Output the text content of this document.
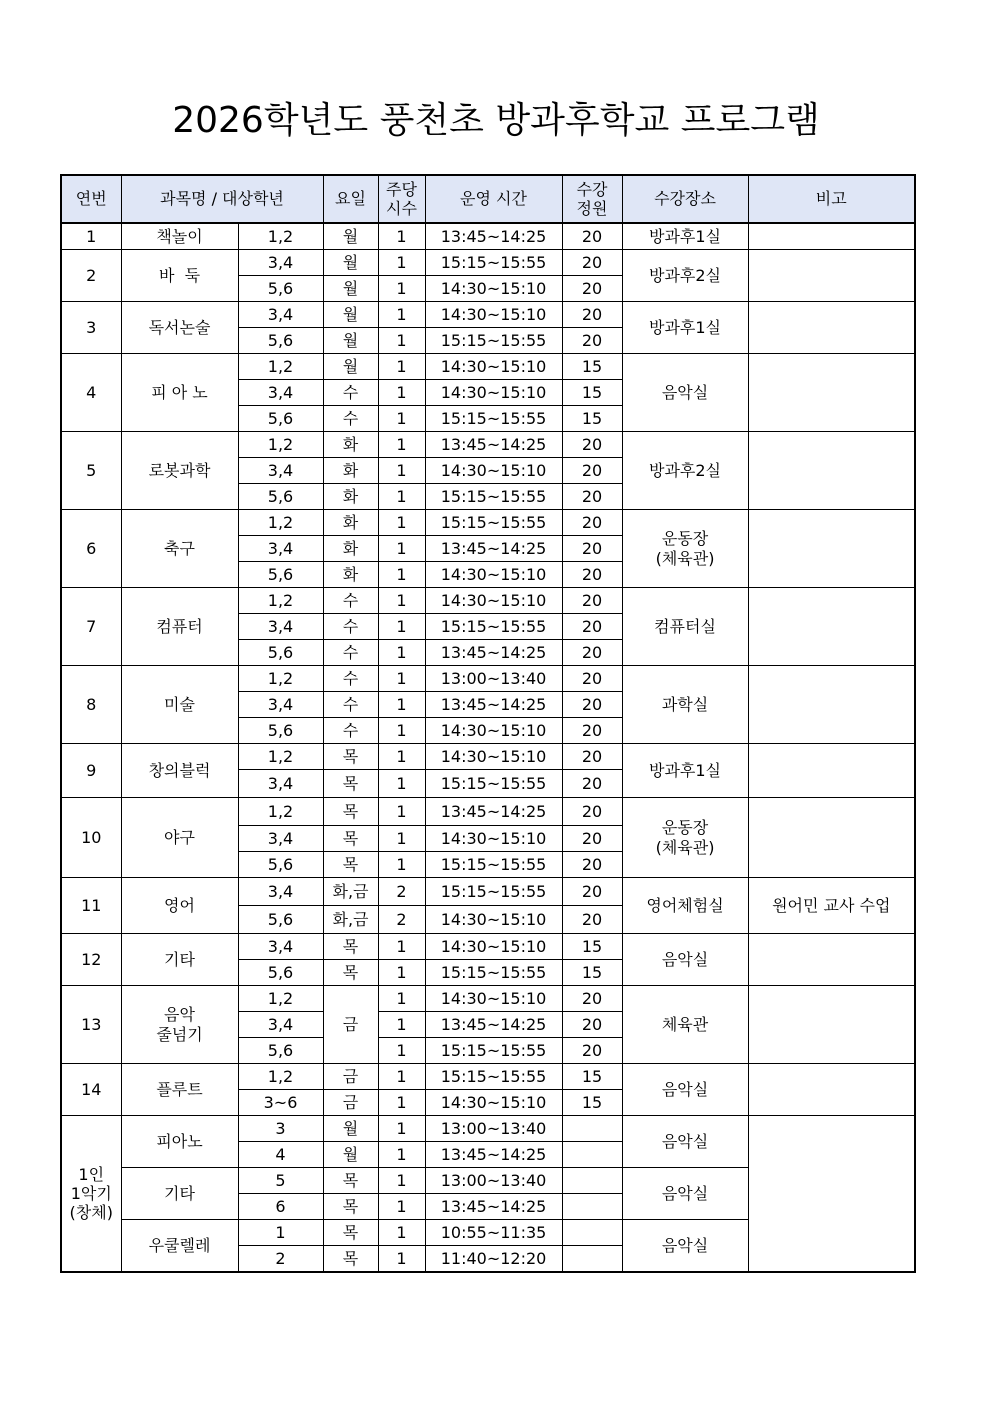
2026학년도 풍천초 방과후학교 프로그램
연번	과목명 / 대상학년		요일	주당
시수	운영 시간	수강
정원	수강장소	비고
1	책놀이	1,2	월	1	13:45~14:25	20	방과후1실	
2	바  둑	3,4	월	1	15:15~15:55	20	방과후2실	
		5,6	월	1	14:30~15:10	20		
3	독서논술	3,4	월	1	14:30~15:10	20	방과후1실	
		5,6	월	1	15:15~15:55	20		
4	피 아 노	1,2	월	1	14:30~15:10	15	음악실	
		3,4	수	1	14:30~15:10	15		
		5,6	수	1	15:15~15:55	15		
5	로봇과학	1,2	화	1	13:45~14:25	20	방과후2실	
		3,4	화	1	14:30~15:10	20		
		5,6	화	1	15:15~15:55	20		
6	축구	1,2	화	1	15:15~15:55	20	운동장
(체육관)	

		3,4	화	1	13:45~14:25	20		
		5,6	화	1	14:30~15:10	20		
7	컴퓨터	1,2	수	1	14:30~15:10	20	컴퓨터실	
		3,4	수	1	15:15~15:55	20		
		5,6	수	1	13:45~14:25	20		
8	미술	1,2	수	1	13:00~13:40	20	과학실	
		3,4	수	1	13:45~14:25	20		
		5,6	수	1	14:30~15:10	20		
9	창의블럭	1,2	목	1	14:30~15:10	20	방과후1실	
		3,4	목	1	15:15~15:55	20		
10	야구	1,2	목	1	13:45~14:25	20	운동장
(체육관)	

		3,4	목	1	14:30~15:10	20		
		5,6	목	1	15:15~15:55	20		
11	영어	3,4	화,금	2	15:15~15:55	20	영어체험실	원어민 교사 수업
		5,6	화,금	2	14:30~15:10	20		
12	기타	3,4	목	1	14:30~15:10	15	음악실	
		5,6	목	1	15:15~15:55	15		
13	음악
줄넘기	1,2	금	1	14:30~15:10	20	체육관	
		3,4		1	13:45~14:25	20		
		5,6		1	15:15~15:55	20		
14	플루트	1,2	금	1	15:15~15:55	15	음악실	
		3~6	금	1	14:30~15:10	15		

1인
1악기
(창체)	피아노	3	월	1	13:00~13:40		음악실	
		4	월	1	13:45~14:25			
	기타	5	목	1	13:00~13:40		음악실	
		6	목	1	13:45~14:25			
	우쿨렐레	1	목	1	10:55~11:35		음악실	
		2	목	1	11:40~12:20			
